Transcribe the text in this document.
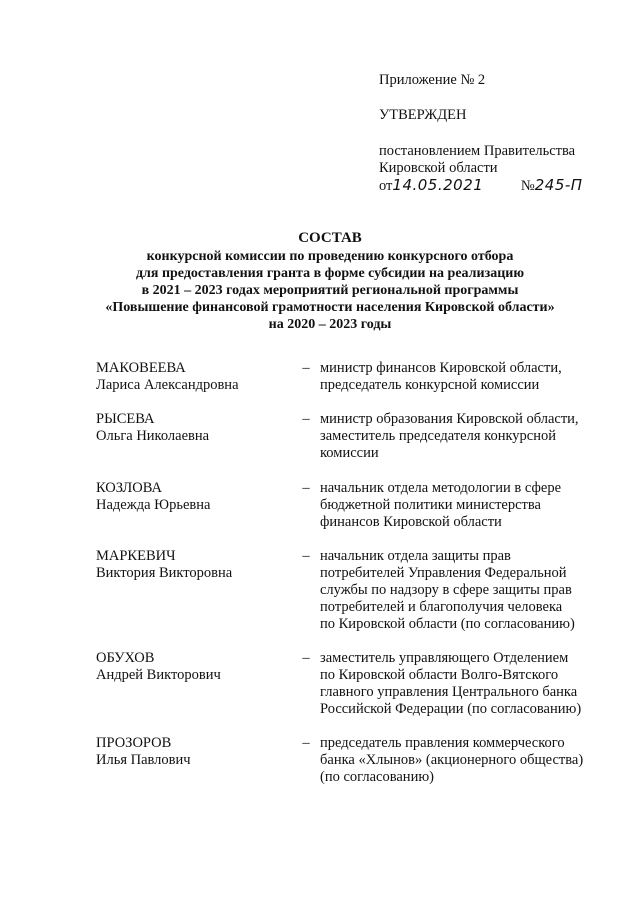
Приложение № 2
УТВЕРЖДЕН
постановлением Правительства
Кировской области
от14.05.2021	№245-П
СОСТАВ
конкурсной комиссии по проведению конкурсного отбора
для предоставления гранта в форме субсидии на реализацию
в 2021 – 2023 годах мероприятий региональной программы
«Повышение финансовой грамотности населения Кировской области»
на 2020 – 2023 годы
МАКОВЕЕВА
Лариса Александровна
– министр финансов Кировской области,
председатель конкурсной комиссии
РЫСЕВА
Ольга Николаевна
– министр образования Кировской области,
заместитель председателя конкурсной
комиссии
КОЗЛОВА
Надежда Юрьевна
– начальник отдела методологии в сфере
бюджетной политики министерства
финансов Кировской области
МАРКЕВИЧ
Виктория Викторовна
– начальник отдела защиты прав
потребителей Управления Федеральной
службы по надзору в сфере защиты прав
потребителей и благополучия человека
по Кировской области (по согласованию)
ОБУХОВ
Андрей Викторович
– заместитель управляющего Отделением
по Кировской области Волго-Вятского
главного управления Центрального банка
Российской Федерации (по согласованию)
ПРОЗОРОВ
Илья Павлович
– председатель правления коммерческого
банка «Хлынов» (акционерного общества)
(по согласованию)
